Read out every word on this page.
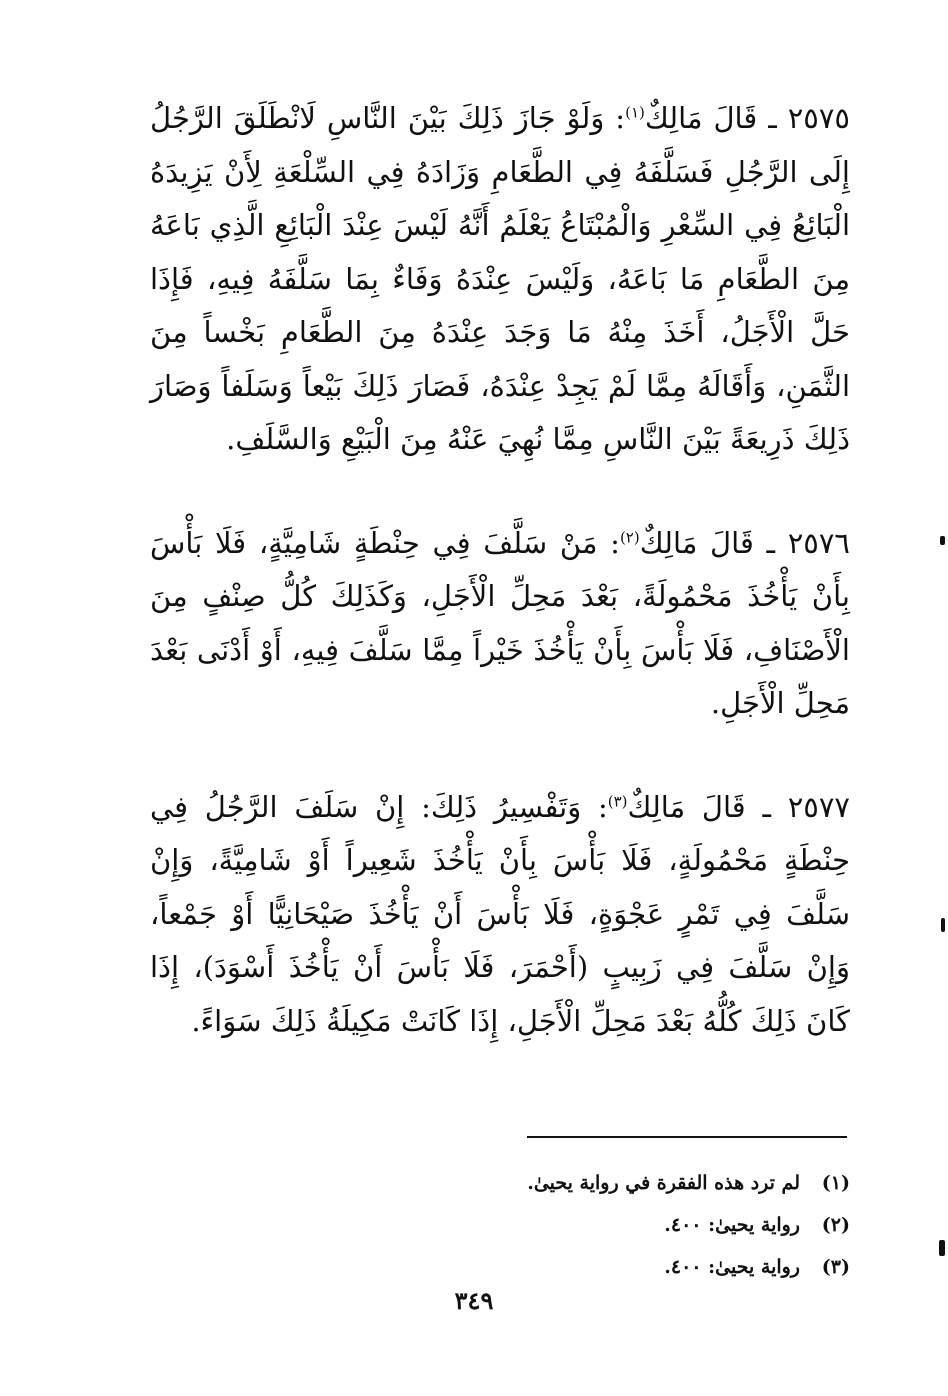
٢٥٧٥ ـ قَالَ مَالِكٌ$^{(١)}$: وَلَوْ جَازَ ذَلِكَ بَيْنَ النَّاسِ لَانْطَلَقَ الرَّجُلُ إِلَى الرَّجُلِ فَسَلَّفَهُ فِي الطَّعَامِ وَزَادَهُ فِي السِّلْعَةِ لِأَنْ يَزِيدَهُ الْبَائِعُ فِي السِّعْرِ وَالْمُبْتَاعُ يَعْلَمُ أَنَّهُ لَيْسَ عِنْدَ الْبَائِعِ الَّذِي بَاعَهُ مِنَ الطَّعَامِ مَا بَاعَهُ، وَلَيْسَ عِنْدَهُ وَفَاءٌ بِمَا سَلَّفَهُ فِيهِ، فَإِذَا حَلَّ الْأَجَلُ، أَخَذَ مِنْهُ مَا وَجَدَ عِنْدَهُ مِنَ الطَّعَامِ بَخْساً مِنَ الثَّمَنِ، وَأَقَالَهُ مِمَّا لَمْ يَجِدْ عِنْدَهُ، فَصَارَ ذَلِكَ بَيْعاً وَسَلَفاً وَصَارَ ذَلِكَ ذَرِيعَةً بَيْنَ النَّاسِ مِمَّا نُهِيَ عَنْهُ مِنَ الْبَيْعِ وَالسَّلَفِ.

٢٥٧٦ ـ قَالَ مَالِكٌ$^{(٢)}$: مَنْ سَلَّفَ فِي حِنْطَةٍ شَامِيَّةٍ، فَلَا بَأْسَ بِأَنْ يَأْخُذَ مَحْمُولَةً، بَعْدَ مَحِلِّ الْأَجَلِ، وَكَذَلِكَ كُلُّ صِنْفٍ مِنَ الْأَصْنَافِ، فَلَا بَأْسَ بِأَنْ يَأْخُذَ خَيْراً مِمَّا سَلَّفَ فِيهِ، أَوْ أَدْنَى بَعْدَ مَحِلِّ الْأَجَلِ.

٢٥٧٧ ـ قَالَ مَالِكٌ$^{(٣)}$: وَتَفْسِيرُ ذَلِكَ: إِنْ سَلَفَ الرَّجُلُ فِي حِنْطَةٍ مَحْمُولَةٍ، فَلَا بَأْسَ بِأَنْ يَأْخُذَ شَعِيراً أَوْ شَامِيَّةً، وَإِنْ سَلَّفَ فِي تَمْرٍ عَجْوَةٍ، فَلَا بَأْسَ أَنْ يَأْخُذَ صَيْحَانِيًّا أَوْ جَمْعاً، وَإِنْ سَلَّفَ فِي زَبِيبٍ (أَحْمَرَ، فَلَا بَأْسَ أَنْ يَأْخُذَ أَسْوَدَ)، إِذَا كَانَ ذَلِكَ كُلُّهُ بَعْدَ مَحِلِّ الْأَجَلِ، إِذَا كَانَتْ مَكِيلَةُ ذَلِكَ سَوَاءً.

(١)
لم ترد هذه الفقرة في رواية يحيىٰ.
(٢)
رواية يحيىٰ: ٤٠٠.
(٣)
رواية يحيىٰ: ٤٠٠.
٣٤٩
